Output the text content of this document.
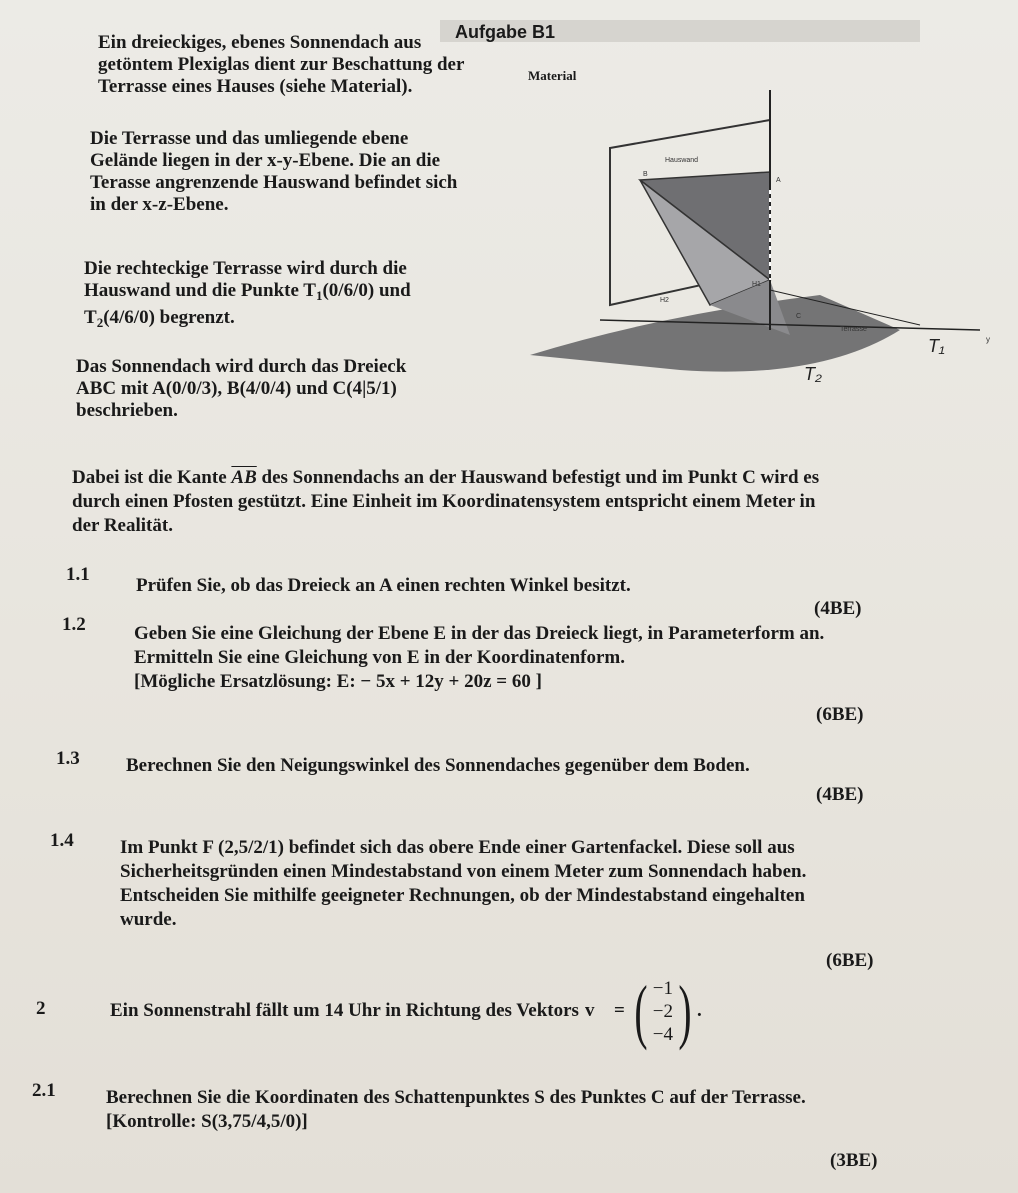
Aufgabe B1
Ein dreieckiges, ebenes Sonnendach aus
getöntem Plexiglas dient zur Beschattung der
Terrasse eines Hauses (siehe Material).
Die Terrasse und das umliegende ebene
Gelände liegen in der x-y-Ebene. Die an die
Terasse angrenzende Hauswand befindet sich
in der x-z-Ebene.
Die rechteckige Terrasse wird durch die
Hauswand und die Punkte $T_1(0/6/0)$ und
$T_2(4/6/0)$ begrenzt.
Das Sonnendach wird durch das Dreieck
ABC mit A(0/0/3), B(4/0/4) und C(4|5/1)
beschrieben.
Material
Hauswand
B
A
C
H1
H2
Terrasse
T₁
T₂
y
Dabei ist die Kante $\overline{AB}$ des Sonnendachs an der Hauswand befestigt und im Punkt C wird es
durch einen Pfosten gestützt. Eine Einheit im Koordinatensystem entspricht einem Meter in
der Realität.
1.1
Prüfen Sie, ob das Dreieck an A einen rechten Winkel besitzt.
(4BE)
1.2	Geben Sie eine Gleichung der Ebene E in der das Dreieck liegt, in Parameterform an.
Ermitteln Sie eine Gleichung von E in der Koordinatenform.
[Mögliche Ersatzlösung: E: − 5x + 12y + 20z = 60 ]
(6BE)
1.3 Berechnen Sie den Neigungswinkel des Sonnendaches gegenüber dem Boden.
(4BE)
1.4 Im Punkt F (2,5/2/1) befindet sich das obere Ende einer Gartenfackel. Diese soll aus
Sicherheitsgründen einen Mindestabstand von einem Meter zum Sonnendach haben.
Entscheiden Sie mithilfe geeigneter Rechnungen, ob der Mindestabstand eingehalten
wurde.
(6BE)
2	Ein Sonnenstrahl fällt um 14 Uhr in Richtung des Vektors v⃗ = ( −1
−2
−4 ) .
2.1	Berechnen Sie die Koordinaten des Schattenpunktes S des Punktes C auf der Terrasse.
[Kontrolle: S(3,75/4,5/0)]
(3BE)
